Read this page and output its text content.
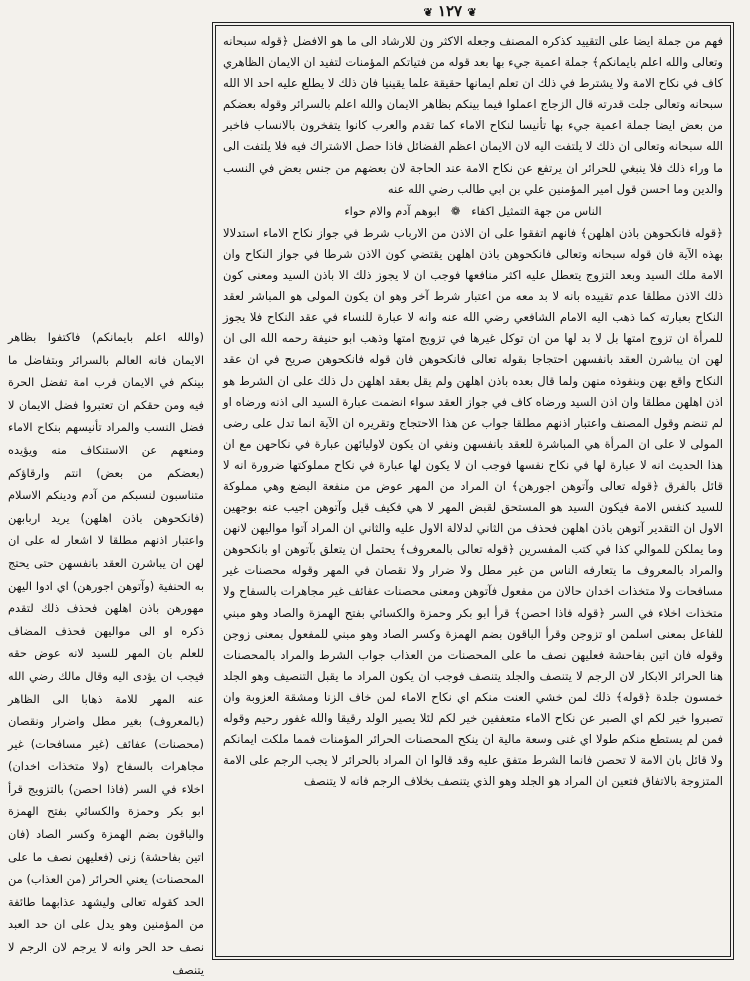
❦ ١٢٧ ❦

فهم من جملة ايضا على التقييد كذكره المصنف وجعله الاكثر ون للارشاد الى ما هو الافضل ﴿قوله سبحانه وتعالى والله اعلم بايمانكم﴾ جملة اعمية جيء بها بعد قوله من فتياتكم المؤمنات لتفيد ان الايمان الظاهري كاف في نكاح الامة ولا يشترط في ذلك ان تعلم ايمانها حقيقة علما يقينيا فان ذلك لا يطلع عليه احد الا الله سبحانه وتعالى جلت قدرته قال الزجاج اعملوا فيما بينكم بظاهر الايمان والله اعلم بالسرائر وقوله بعضكم من بعض ايضا جملة اعمية جيء بها تأنيسا لنكاح الاماء كما تقدم والعرب كانوا يتفخرون بالانساب فاخبر الله سبحانه وتعالى ان ذلك لا يلتفت اليه لان الايمان اعظم الفضائل فاذا حصل الاشتراك فيه فلا يلتفت الى ما وراء ذلك فلا ينبغي للحرائر ان يرتفع عن نكاح الامة عند الحاجة لان بعضهم من جنس بعض في النسب والدين وما احسن قول امير المؤمنين علي بن ابي طالب رضي الله عنه

الناس من جهة التمثيل اكفاء   ❁   ابوهم آدم والام حواء

﴿قوله فانكحوهن باذن اهلهن﴾ فانهم اتفقوا على ان الاذن من الارباب شرط في جواز نكاح الاماء استدلالا بهذه الآية فان قوله سبحانه وتعالى فانكحوهن باذن اهلهن يقتضي كون الاذن شرطا في جواز النكاح وان الامة ملك السيد وبعد التزوج يتعطل عليه اكثر منافعها فوجب ان لا يجوز ذلك الا باذن السيد ومعنى كون ذلك الاذن مطلقا عدم تقييده بانه لا بد معه من اعتبار شرط آخر وهو ان يكون المولى هو المباشر لعقد النكاح بعبارته كما ذهب اليه الامام الشافعي رضي الله عنه وانه لا عبارة للنساء في عقد النكاح فلا يجوز للمرأة ان تزوج امتها بل لا بد لها من ان توكل غيرها في تزويج امتها وذهب ابو حنيفة رحمه الله الى ان لهن ان يباشرن العقد بانفسهن احتجاجا بقوله تعالى فانكحوهن فان قوله فانكحوهن صريح في ان عقد النكاح واقع بهن وبنفوذه منهن ولما قال بعده باذن اهلهن ولم يقل بعقد اهلهن دل ذلك على ان الشرط هو اذن اهلهن مطلقا وان اذن السيد ورضاه كاف في جواز العقد سواء انضمت عبارة السيد الى اذنه ورضاه او لم تنضم وقول المصنف واعتبار اذنهم مطلقا جواب عن هذا الاحتجاج وتقريره ان الآية انما تدل على رضى المولى لا على ان المرأة هي المباشرة للعقد بانفسهن ونفي ان يكون لاوليائهن عبارة في نكاحهن مع ان هذا الحديث انه لا عبارة لها في نكاح نفسها فوجب ان لا يكون لها عبارة في نكاح مملوكتها ضرورة انه لا قائل بالفرق ﴿قوله تعالى وآتوهن اجورهن﴾ ان المراد من المهر عوض من منفعة البضع وهي مملوكة للسيد كنفس الامة فيكون السيد هو المستحق لقبض المهر لا هي فكيف قيل وآتوهن اجيب عنه بوجهين الاول ان التقدير آتوهن باذن اهلهن فحذف من الثاني لدلالة الاول عليه والثاني ان المراد آتوا مواليهن لانهن وما يملكن للموالي كذا في كتب المفسرين ﴿قوله تعالى بالمعروف﴾ يحتمل ان يتعلق بآتوهن او بانكحوهن والمراد بالمعروف ما يتعارفه الناس من غير مطل ولا ضرار ولا نقصان في المهر وقوله محصنات غير مسافحات ولا متخذات اخدان حالان من مفعول فآتوهن ومعنى محصنات عفائف غير مجاهرات بالسفاح ولا متخذات اخلاء في السر ﴿قوله فاذا احصن﴾ قرأ ابو بكر وحمزة والكسائي بفتح الهمزة والصاد وهو مبني للفاعل بمعنى اسلمن او تزوجن وقرأ الباقون بضم الهمزة وكسر الصاد وهو مبني للمفعول بمعنى زوجن وقوله فان اتين بفاحشة فعليهن نصف ما على المحصنات من العذاب جواب الشرط والمراد بالمحصنات هنا الحرائر الابكار لان الرجم لا يتنصف والجلد يتنصف فوجب ان يكون المراد ما يقبل التنصيف وهو الجلد خمسون جلدة ﴿قوله﴾ ذلك لمن خشي العنت منكم اي نكاح الاماء لمن خاف الزنا ومشقة العزوبة وان تصبروا خير لكم اي الصبر عن نكاح الاماء متعففين خير لكم لئلا يصير الولد رقيقا والله غفور رحيم وقوله فمن لم يستطع منكم طولا اي غنى وسعة مالية ان ينكح المحصنات الحرائر المؤمنات فمما ملكت ايمانكم ولا قائل بان الامة لا تحصن فانما الشرط متفق عليه وقد قالوا ان المراد بالحرائر لا يجب الرجم على الامة المتزوجة بالاتفاق فتعين ان المراد هو الجلد وهو الذي يتنصف بخلاف الرجم فانه لا يتنصف

(والله اعلم بايمانكم) فاكتفوا بظاهر الايمان فانه العالم بالسرائر وبتفاضل ما بينكم في الايمان فرب امة تفضل الحرة فيه ومن حقكم ان تعتبروا فضل الايمان لا فضل النسب والمراد تأنيسهم بنكاح الاماء ومنعهم عن الاستنكاف منه ويؤيده (بعضكم من بعض) انتم وارقاؤكم متناسبون لنسبكم من آدم ودينكم الاسلام (فانكحوهن باذن اهلهن) يريد اربابهن واعتبار اذنهم مطلقا لا اشعار له على ان لهن ان يباشرن العقد بانفسهن حتى يحتج به الحنفية (وآتوهن اجورهن) اي ادوا اليهن مهورهن باذن اهلهن فحذف ذلك لتقدم ذكره او الى مواليهن فحذف المضاف للعلم بان المهر للسيد لانه عوض حقه فيجب ان يؤدى اليه وقال مالك رضي الله عنه المهر للامة ذهابا الى الظاهر (بالمعروف) بغير مطل واضرار ونقصان (محصنات) عفائف (غير مسافحات) غير مجاهرات بالسفاح (ولا متخذات اخدان) اخلاء في السر (فاذا احصن) بالتزويج قرأ ابو بكر وحمزة والكسائي بفتح الهمزة والباقون بضم الهمزة وكسر الصاد (فان اتين بفاحشة) زنى (فعليهن نصف ما على المحصنات) يعني الحرائر (من العذاب) من الحد كقوله تعالى وليشهد عذابهما طائفة من المؤمنين وهو يدل على ان حد العبد نصف حد الحر وانه لا يرجم لان الرجم لا يتنصف
